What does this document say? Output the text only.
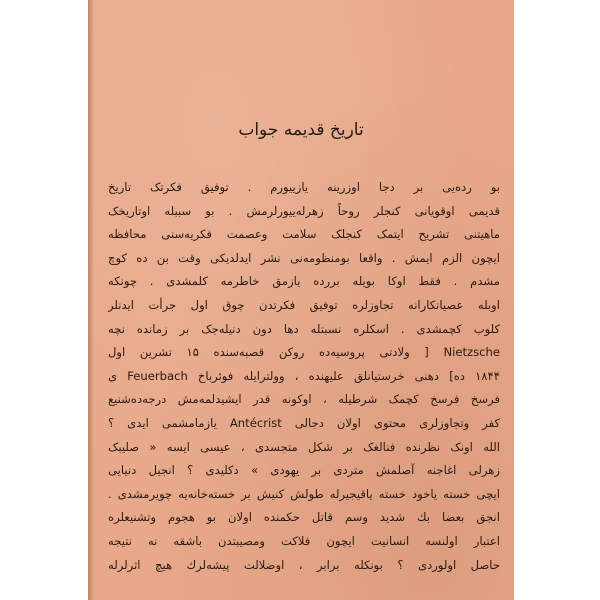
تاریخ قدیمه جواب
بو رده‌یی بر دجا اوزرینه یازییورم . توفیق فکرتک تاریخ
قدیمی اوقویانی کنجلر روحاً زهرله‌ییورلرمش . بو سببله اوتاریخک
ماهیتنی تشریح ایتمک کنجلک سلامت وعصمت فکریه‌سنی محافظه
ایچون الزم ایمش . واقعا بومنظومه‌نی نشر ایدلدیکی وقت بن ده‌ کوچ
مشدم . فقط اوکا بویله بررده یازمق خاطرمه کلمشدی . چونکه
اوبله عصیانکارانه تجاوزلره توفیق فکرتدن چوق اول جرأت ایدنلر
کلوب کچمشدی . اسکلره نسبتله دها دون دنیله‌جک بر زمانده نچه
Nietzsche [ ولادتی پروسیه‌ده روکن قصبه‌سنده ۱۵ تشرین اول
۱۸۴۴ ده] دهنی خرستیانلق علیهنده ، وولترایله فوئرباخ Feuerbach ی
فرسخ فرسخ کچمک شرطیله ، اوکونه قدر ایشیدلمه‌مش درجه‌ده‌شنیع
کفر وتجاوزلری محتوی اولان دجالی Antécrist یازمامشمی ایدی ؟
الله اونک نظرنده فنالغک بر شکل متجسدی ، عیسی ایسه « صلیبک
زهرلی اغاجنه آصلمش متردی بر یهودی » دکلیدی ؟ انجیل دنیایی
ایچی خسته‌ یاخود خسته‌ یاقیجیرله طولش کنیش بر خسته‌خانه‌یه چویرمشدی .
انجق بعضا بك شدید وسم قاتل حکمنده اولان بو هجوم وتشنیعلره
اعتبار اولنسه انسانیت ایچون فلاکت ومصیبتدن باشقه نه نتیجه
حاصل اولوردی ؟ بونکله برابر ، اوضلالت پیشه‌لرك هیچ اثرلرله
